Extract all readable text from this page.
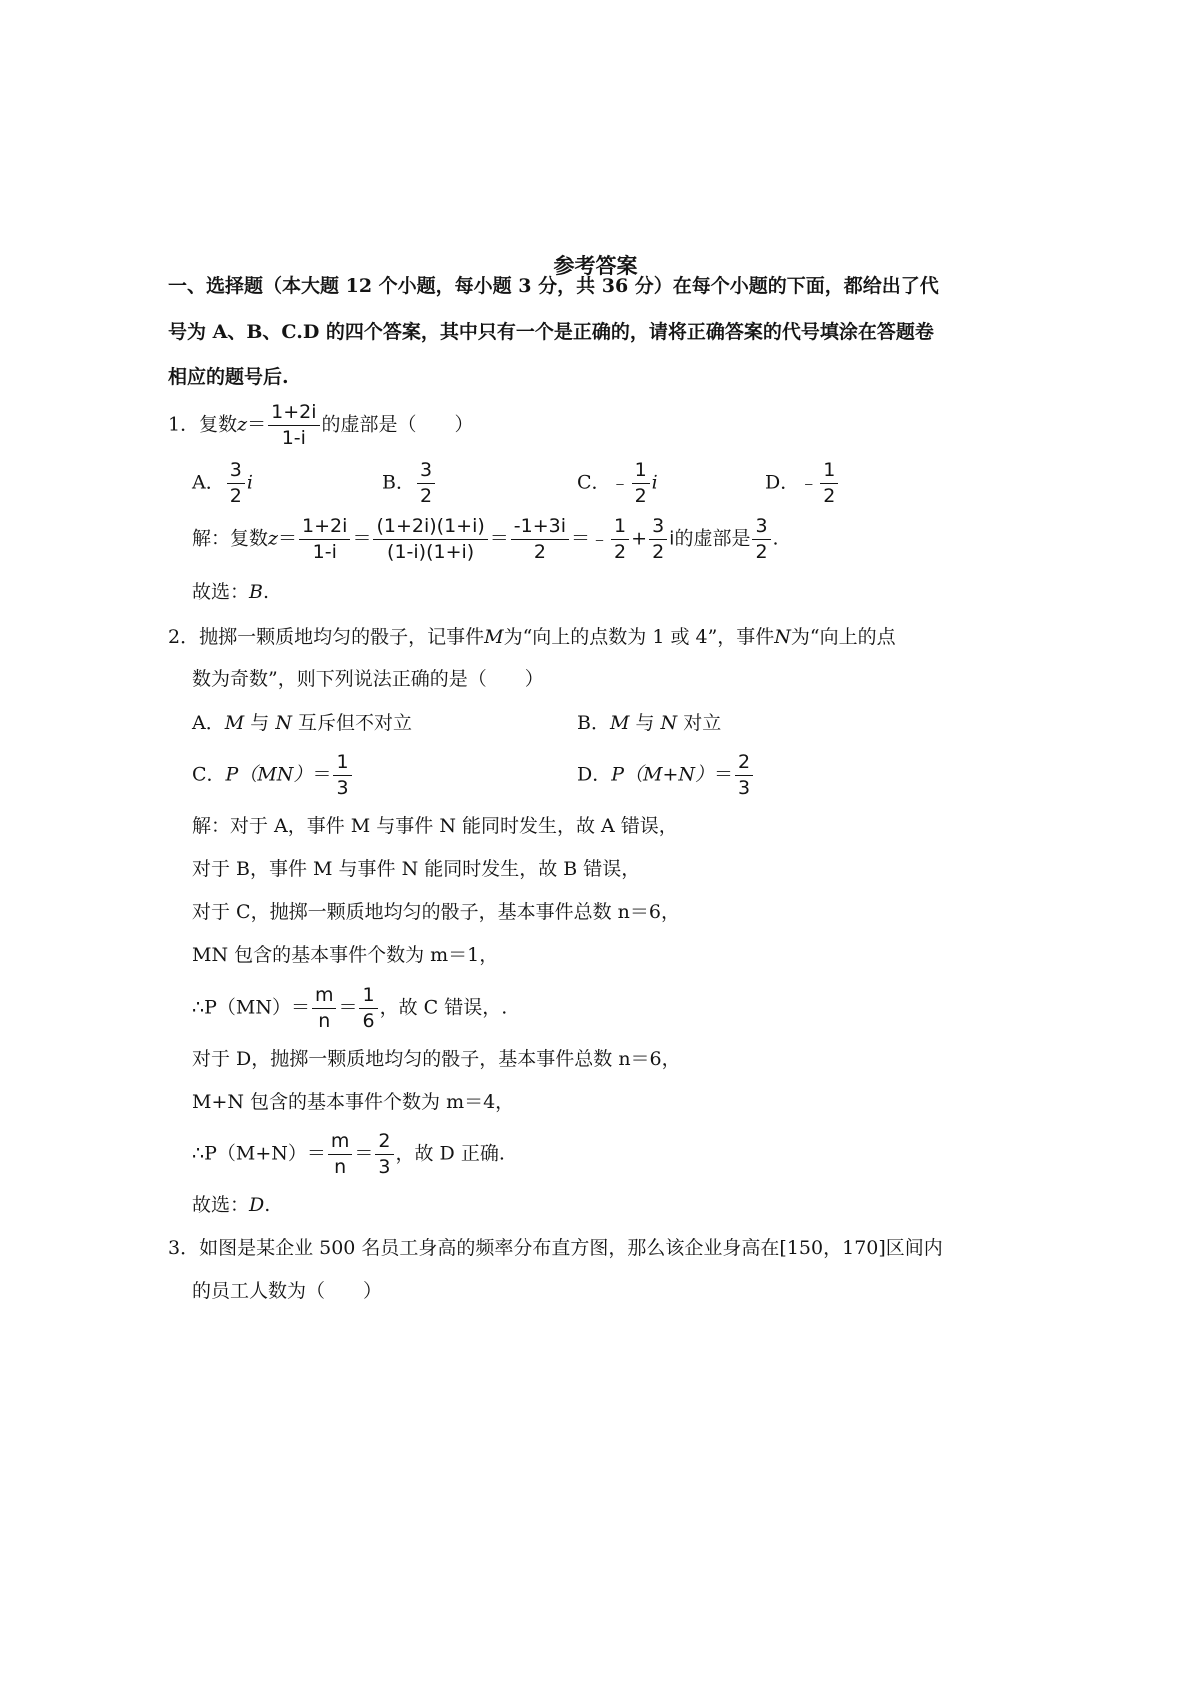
参考答案
一、选择题（本大题 12 个小题，每小题 3 分，共 36 分）在每个小题的下面，都给出了代
号为 A、B、C.D 的四个答案，其中只有一个是正确的，请将正确答案的代号填涂在答题卷
相应的题号后.
1．复数$z= \frac{1+2i}{1-i}$ 的虚部是（　　）
A． $\frac{3}{2}$ i	B． $\frac{3}{2}$	C．﹣ $\frac{1}{2}$ i	D．﹣ $\frac{1}{2}$
解：复数$z= \frac{1+2i}{1-i} = \frac{(1+2i)(1+i)}{(1-i)(1+i)} = \frac{-1+3i}{2}$ ＝﹣ $\frac{1}{2} + \frac{3}{2}$ i的虚部是 $\frac{3}{2}$ .
故选：B.
2．抛掷一颗质地均匀的骰子，记事件M为“向上的点数为 1 或 4”，事件N为“向上的点
数为奇数”，则下列说法正确的是（　　）
A．M 与 N 互斥但不对立	B．M 与 N 对立
C．$P(MN)= \frac{1}{3}$	D．$P(M+N)= \frac{2}{3}$
解：对于 A，事件 M 与事件 N 能同时发生，故 A 错误，
对于 B，事件 M 与事件 N 能同时发生，故 B 错误，
对于 C，抛掷一颗质地均匀的骰子，基本事件总数 n＝6，
MN 包含的基本事件个数为 m＝1，
∴P（MN）＝ $\frac{m}{n} = \frac{1}{6}$ ，故 C 错误，.
对于 D，抛掷一颗质地均匀的骰子，基本事件总数 n＝6，
M+N 包含的基本事件个数为 m＝4，
∴P（M+N）＝ $\frac{m}{n} = \frac{2}{3}$ ，故 D 正确.
故选：D.
3．如图是某企业 500 名员工身高的频率分布直方图，那么该企业身高在[150，170]区间内
的员工人数为（　　）
